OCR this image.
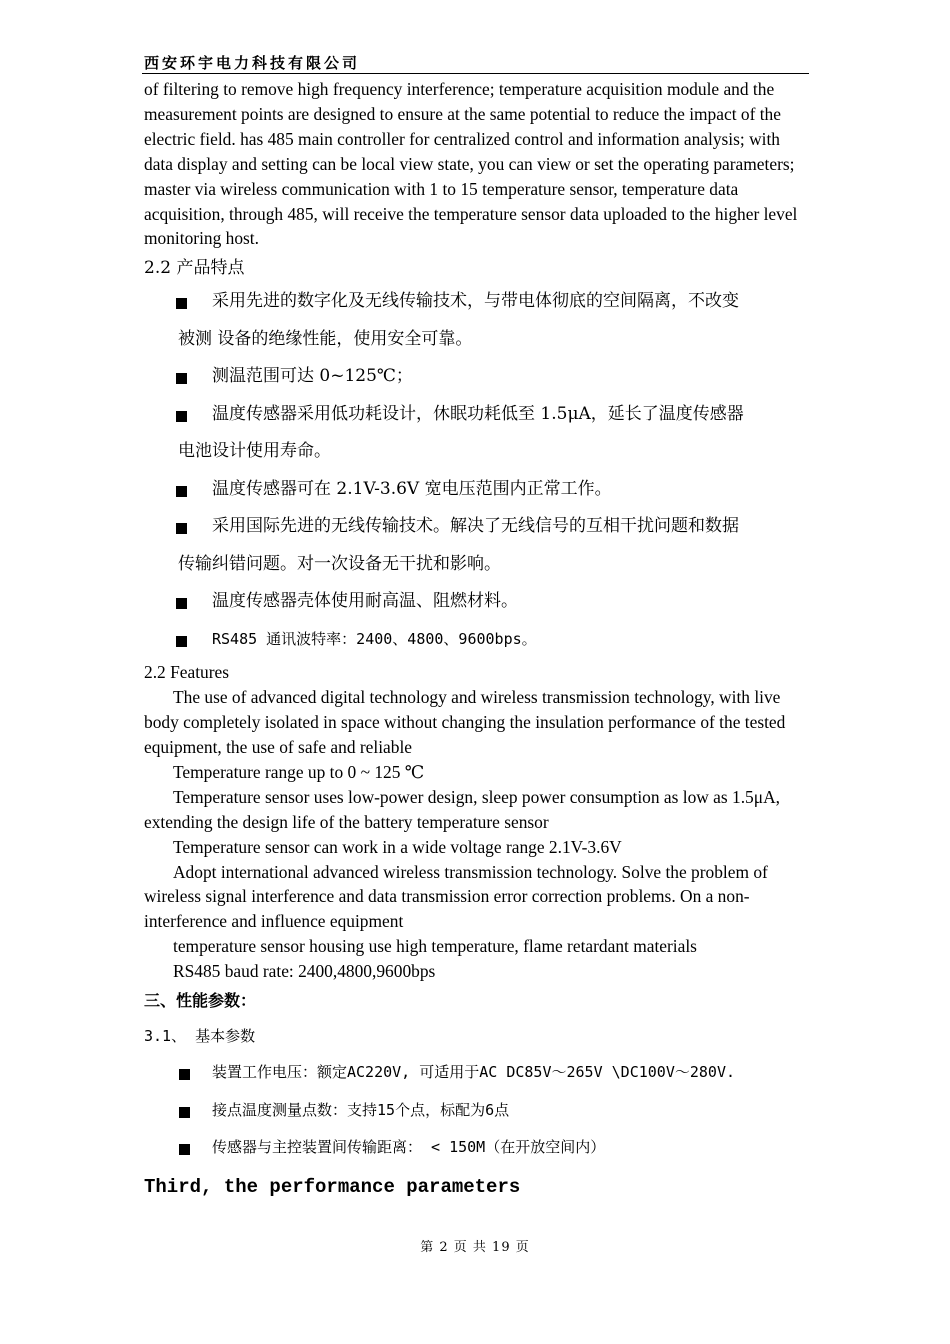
西安环宇电力科技有限公司

of filtering to remove high frequency interference; temperature acquisition module and the measurement points are designed to ensure at the same potential to reduce the impact of the electric field. has 485 main controller for centralized control and information analysis; with data display and setting can be local view state, you can view or set the operating parameters; master via wireless communication with 1 to 15 temperature sensor, temperature data acquisition, through 485, will receive the temperature sensor data uploaded to the higher level monitoring host.

2.2 产品特点

采用先进的数字化及无线传输技术，与带电体彻底的空间隔离，不改变
被测 设备的绝缘性能，使用安全可靠。
测温范围可达 0~125℃；
温度传感器采用低功耗设计，休眠功耗低至 1.5μA，延长了温度传感器
电池设计使用寿命。
温度传感器可在 2.1V-3.6V 宽电压范围内正常工作。
采用国际先进的无线传输技术。解决了无线信号的互相干扰问题和数据
传输纠错问题。对一次设备无干扰和影响。
温度传感器壳体使用耐高温、阻燃材料。
RS485 通讯波特率：2400、4800、9600bps。

2.2 Features

The use of advanced digital technology and wireless transmission technology, with live body completely isolated in space without changing the insulation performance of the tested equipment, the use of safe and reliable

Temperature range up to 0 ~ 125 ℃

Temperature sensor uses low-power design, sleep power consumption as low as 1.5μA, extending the design life of the battery temperature sensor

Temperature sensor can work in a wide voltage range 2.1V-3.6V

Adopt international advanced wireless transmission technology. Solve the problem of wireless signal interference and data transmission error correction problems. On a non-interference and influence equipment

temperature sensor housing use high temperature, flame retardant materials

RS485 baud rate: 2400,4800,9600bps

三、性能参数：

3.1、 基本参数

装置工作电压：额定AC220V, 可适用于AC DC85V～265V \DC100V～280V.
接点温度测量点数：支持15个点，标配为6点
传感器与主控装置间传输距离： < 150M（在开放空间内）

Third, the performance parameters

第 2 页 共 19 页
